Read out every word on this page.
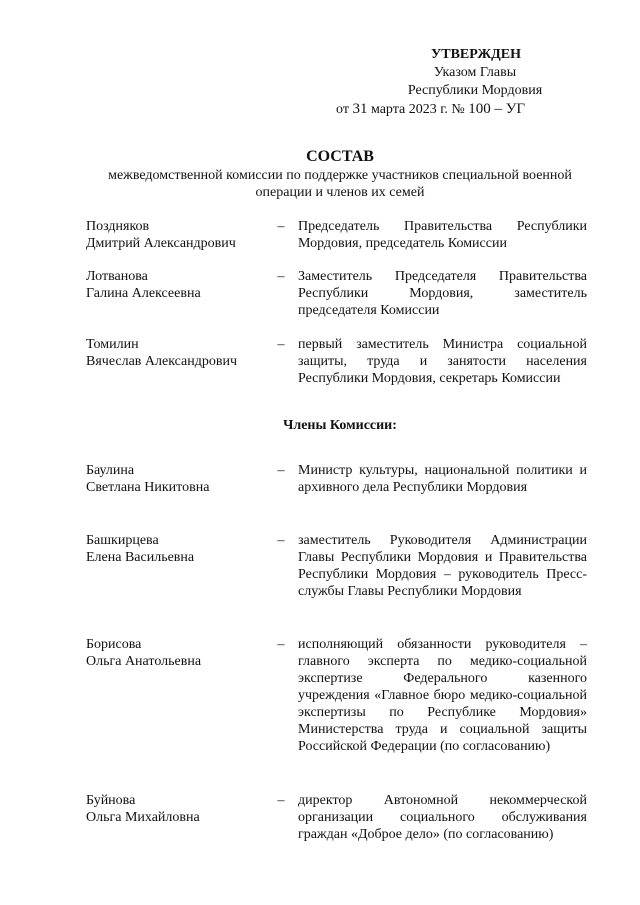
УТВЕРЖДЕН
Указом Главы
Республики Мордовия
от 31 марта 2023 г. № 100 – УГ
СОСТАВ
межведомственной комиссии по поддержке участников специальной военной операции и членов их семей
Поздняков
Дмитрий Александрович
– Председатель Правительства Республики Мордовия, председатель Комиссии
Лотванова
Галина Алексеевна
– Заместитель Председателя Правительства Республики Мордовия, заместитель председателя Комиссии
Томилин
Вячеслав Александрович
– первый заместитель Министра социальной защиты, труда и занятости населения Республики Мордовия, секретарь Комиссии
Баулина
Светлана Никитовна
– Министр культуры, национальной политики и архивного дела Республики Мордовия
Башкирцева
Елена Васильевна
– заместитель Руководителя Администрации Главы Республики Мордовия и Правительства Республики Мордовия – руководитель Пресс-службы Главы Республики Мордовия
Борисова
Ольга Анатольевна
– исполняющий обязанности руководителя – главного эксперта по медико-социальной экспертизе Федерального казенного учреждения «Главное бюро медико-социальной экспертизы по Республике Мордовия» Министерства труда и социальной защиты Российской Федерации (по согласованию)
Буйнова
Ольга Михайловна
– директор Автономной некоммерческой организации социального обслуживания граждан «Доброе дело» (по согласованию)
Члены Комиссии:
